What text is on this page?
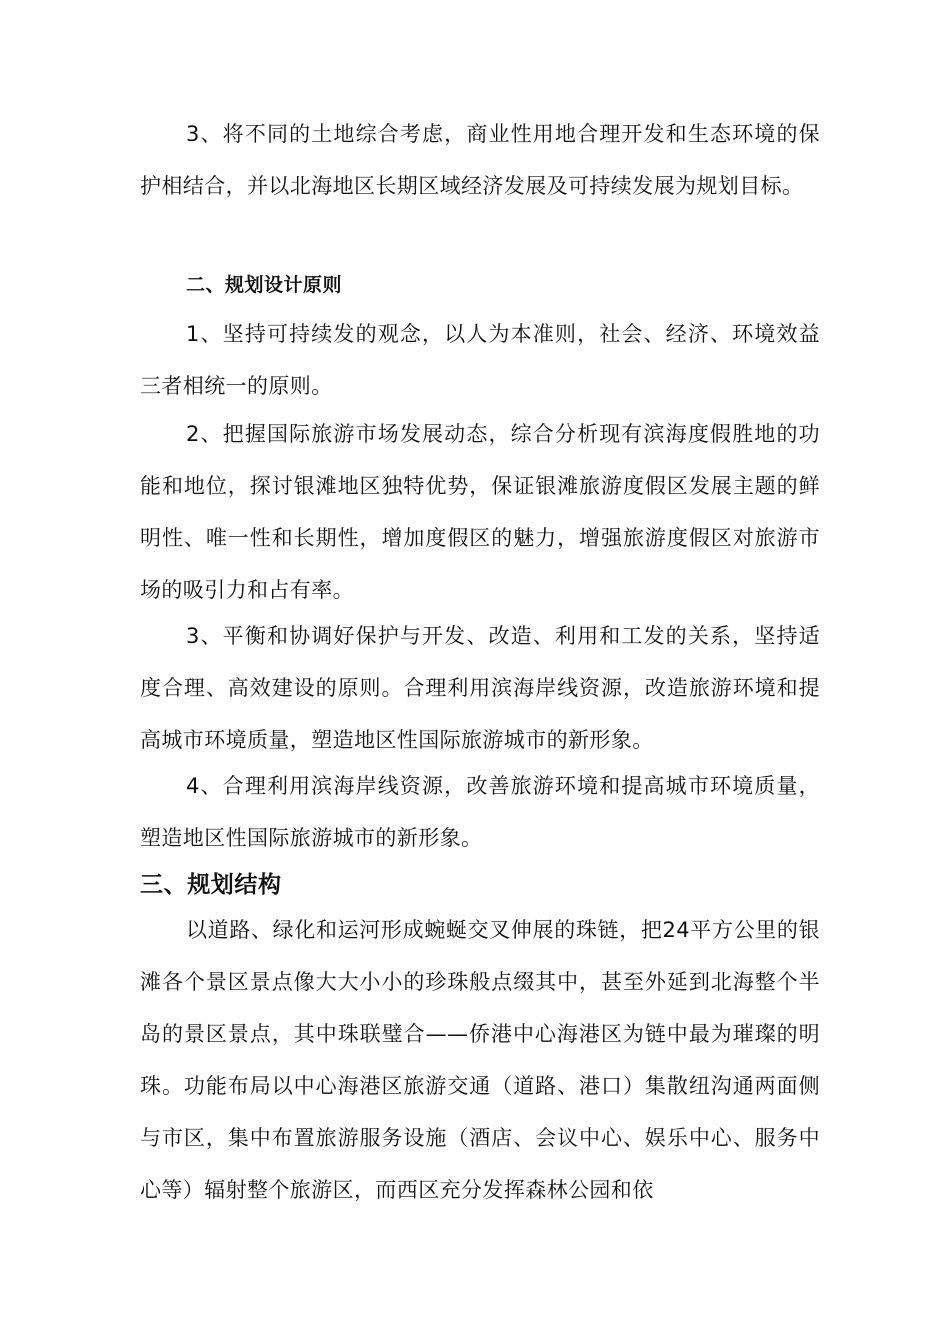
3、将不同的土地综合考虑，商业性用地合理开发和生态环境的保护相结合，并以北海地区长期区域经济发展及可持续发展为规划目标。

二、规划设计原则

1、坚持可持续发的观念，以人为本准则，社会、经济、环境效益三者相统一的原则。

2、把握国际旅游市场发展动态，综合分析现有滨海度假胜地的功能和地位，探讨银滩地区独特优势，保证银滩旅游度假区发展主题的鲜明性、唯一性和长期性，增加度假区的魅力，增强旅游度假区对旅游市场的吸引力和占有率。

3、平衡和协调好保护与开发、改造、利用和工发的关系，坚持适度合理、高效建设的原则。合理利用滨海岸线资源，改造旅游环境和提高城市环境质量，塑造地区性国际旅游城市的新形象。

4、合理利用滨海岸线资源，改善旅游环境和提高城市环境质量，塑造地区性国际旅游城市的新形象。

三、规划结构

以道路、绿化和运河形成蜿蜒交叉伸展的珠链，把24平方公里的银滩各个景区景点像大大小小的珍珠般点缀其中，甚至外延到北海整个半岛的景区景点，其中珠联璧合——侨港中心海港区为链中最为璀璨的明珠。功能布局以中心海港区旅游交通（道路、港口）集散纽沟通两面侧与市区，集中布置旅游服务设施（酒店、会议中心、娱乐中心、服务中心等）辐射整个旅游区，而西区充分发挥森林公园和依
